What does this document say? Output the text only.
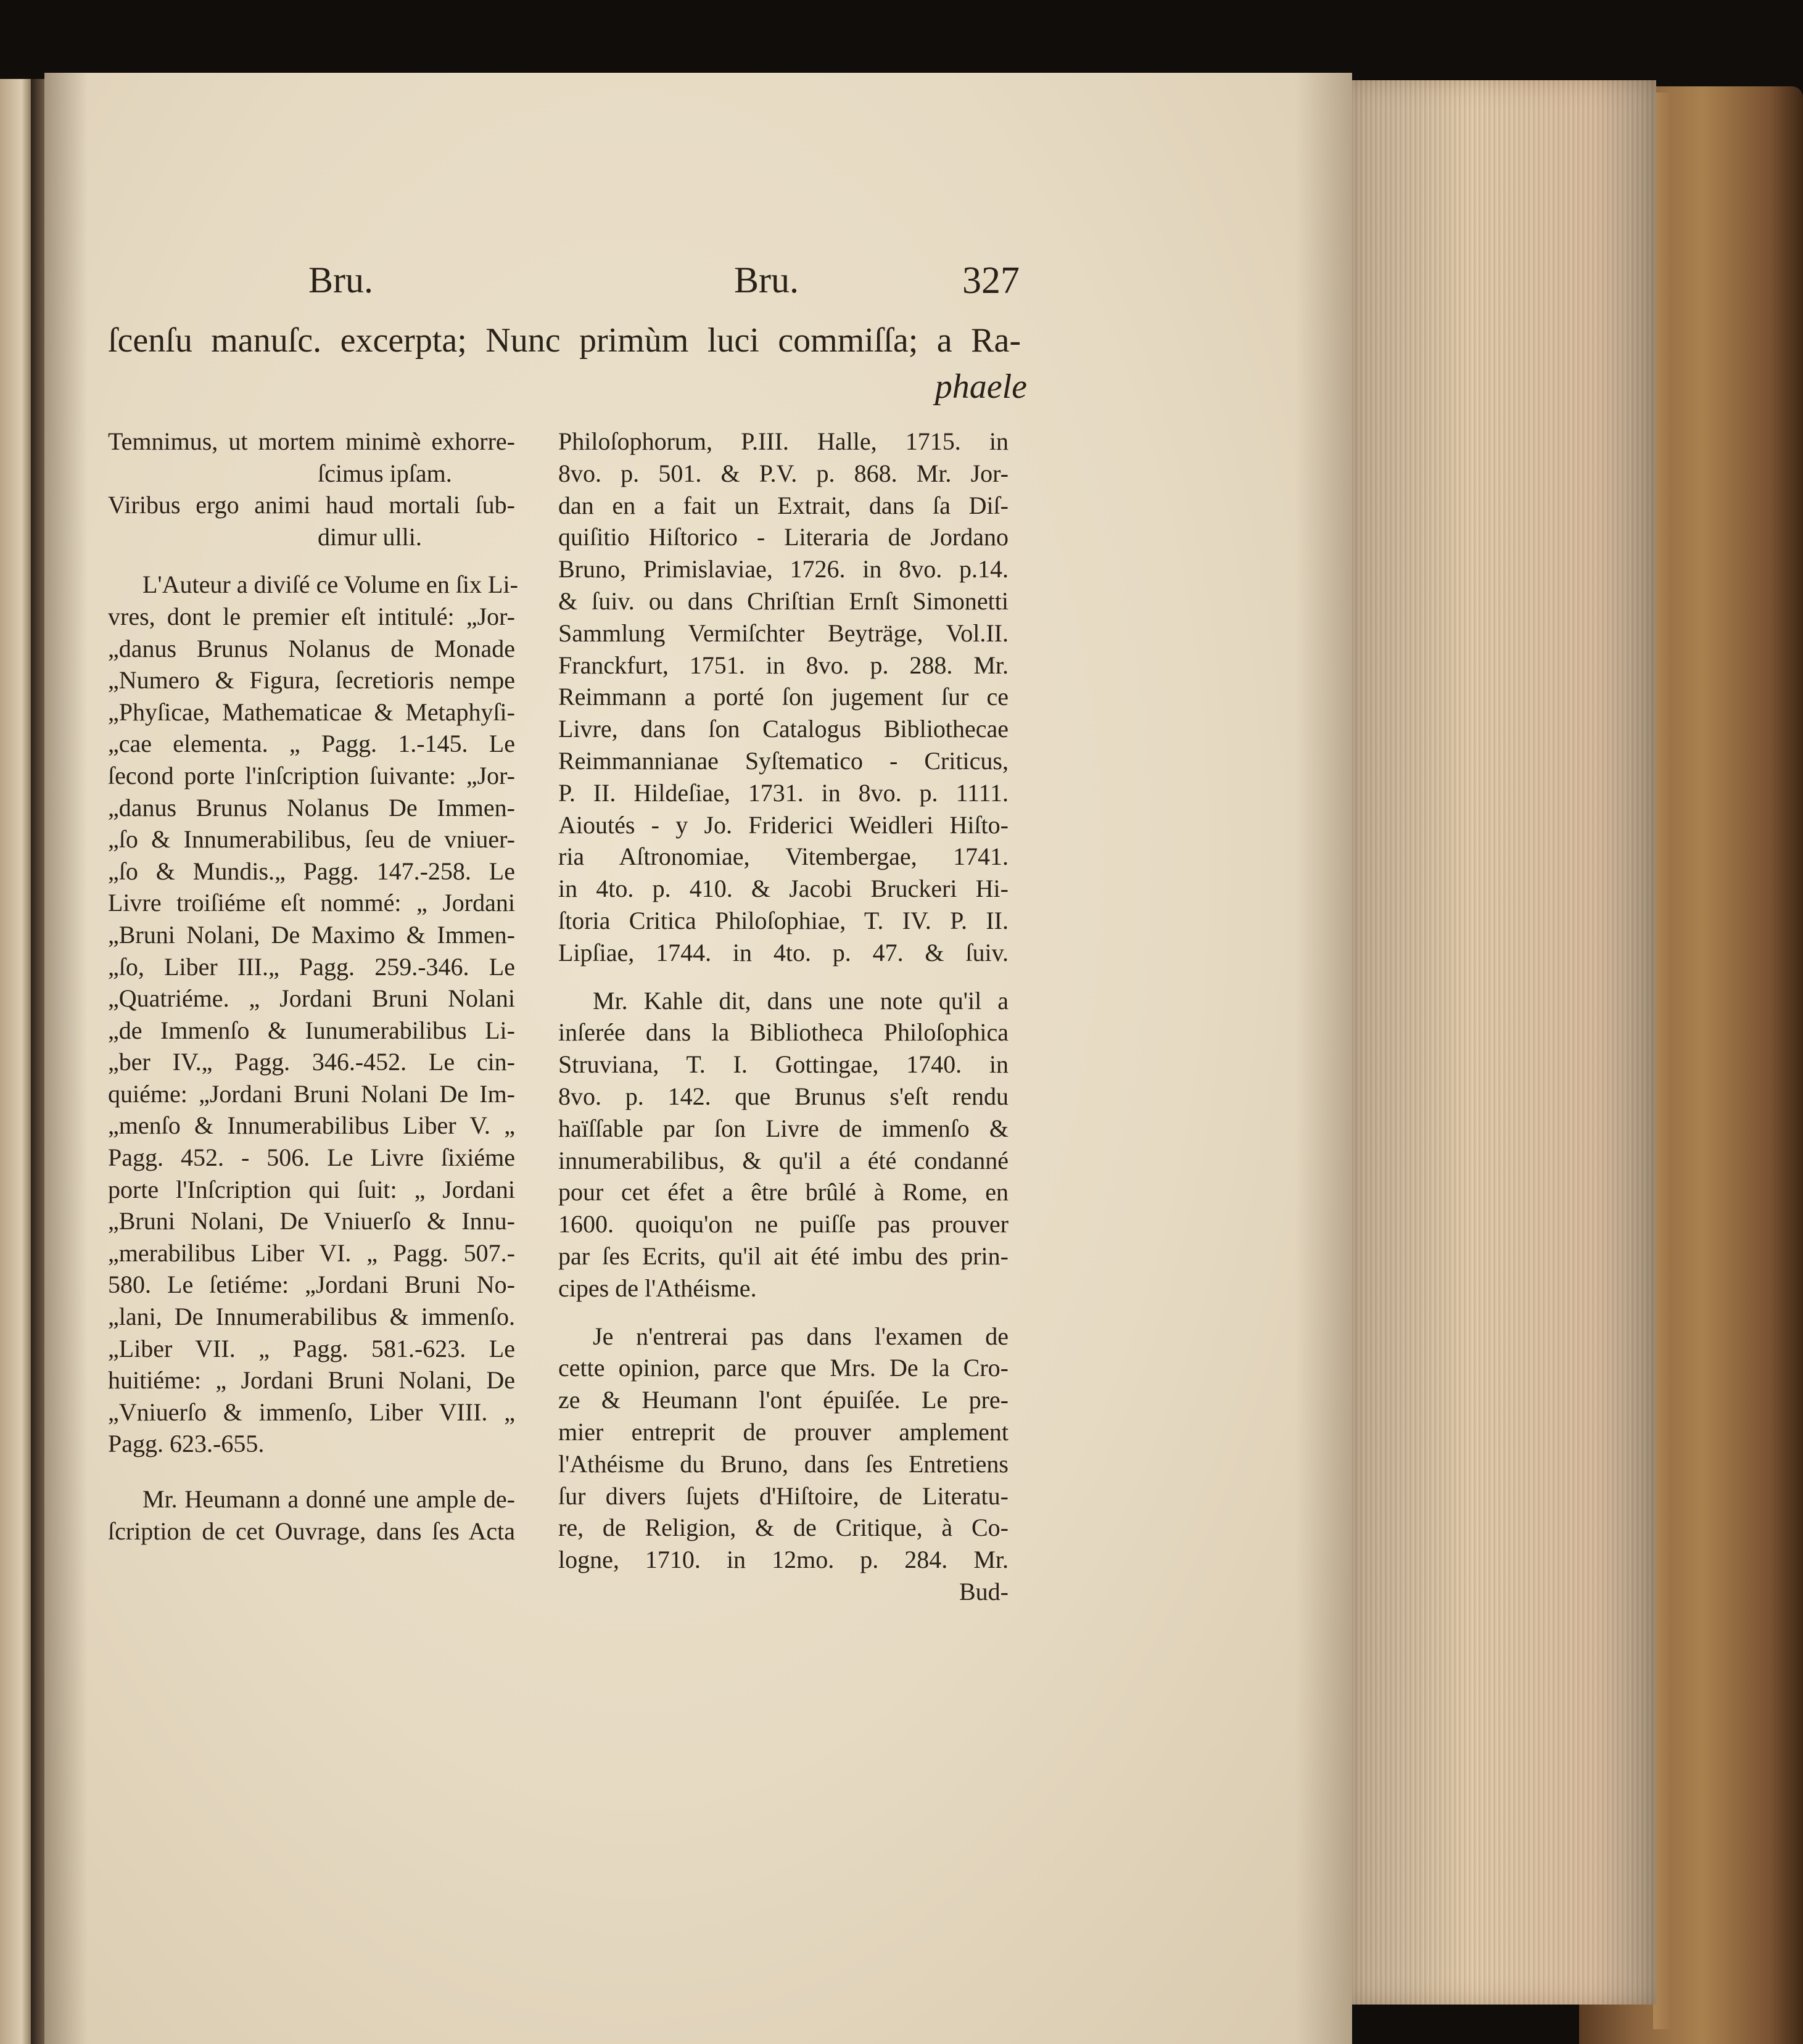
Bru.	Bru.	327
ſcenſu manuſc. excerpta; Nunc primùm luci commiſſa; a Ra-
phaele
Temnimus, ut mortem minimè exhorre-
ſcimus ipſam.
Viribus ergo animi haud mortali ſub-
dimur ulli.
L'Auteur a diviſé ce Volume en ſix Li-
vres, dont le premier eſt intitulé: „Jor-
„danus Brunus Nolanus de Monade
„Numero & Figura, ſecretioris nempe
„Phyſicae, Mathematicae & Metaphyſi-
„cae elementa. „ Pagg. 1.-145. Le
ſecond porte l'inſcription ſuivante: „Jor-
„danus Brunus Nolanus De Immen-
„ſo & Innumerabilibus, ſeu de vniuer-
„ſo & Mundis.„ Pagg. 147.-258. Le
Livre troiſiéme eſt nommé: „ Jordani
„Bruni Nolani, De Maximo & Immen-
„ſo, Liber III.„ Pagg. 259.-346. Le
„Quatriéme. „ Jordani Bruni Nolani
„de Immenſo & Iunumerabilibus Li-
„ber IV.„ Pagg. 346.-452. Le cin-
quiéme: „Jordani Bruni Nolani De Im-
„menſo & Innumerabilibus Liber V. „
Pagg. 452. - 506. Le Livre ſixiéme
porte l'Inſcription qui ſuit: „ Jordani
„Bruni Nolani, De Vniuerſo & Innu-
„merabilibus Liber VI. „ Pagg. 507.-
580. Le ſetiéme: „Jordani Bruni No-
„lani, De Innumerabilibus & immenſo.
„Liber VII. „ Pagg. 581.-623. Le
huitiéme: „ Jordani Bruni Nolani, De
„Vniuerſo & immenſo, Liber VIII. „
Pagg. 623.-655.
Mr. Heumann a donné une ample de-
ſcription de cet Ouvrage, dans ſes Acta
Philoſophorum, P.III. Halle, 1715. in
8vo. p. 501. & P.V. p. 868. Mr. Jor-
dan en a fait un Extrait, dans ſa Diſ-
quiſitio Hiſtorico - Literaria de Jordano
Bruno, Primislaviae, 1726. in 8vo. p.14.
& ſuiv. ou dans Chriſtian Ernſt Simonetti
Sammlung Vermiſchter Beyträge, Vol.II.
Franckfurt, 1751. in 8vo. p. 288. Mr.
Reimmann a porté ſon jugement ſur ce
Livre, dans ſon Catalogus Bibliothecae
Reimmannianae Syſtematico - Criticus,
P. II. Hildeſiae, 1731. in 8vo. p. 1111.
Aioutés - y Jo. Friderici Weidleri Hiſto-
ria Aſtronomiae, Vitembergae, 1741.
in 4to. p. 410. & Jacobi Bruckeri Hi-
ſtoria Critica Philoſophiae, T. IV. P. II.
Lipſiae, 1744. in 4to. p. 47. & ſuiv.
Mr. Kahle dit, dans une note qu'il a
inſerée dans la Bibliotheca Philoſophica
Struviana, T. I. Gottingae, 1740. in
8vo. p. 142. que Brunus s'eſt rendu
haïſſable par ſon Livre de immenſo &
innumerabilibus, & qu'il a été condanné
pour cet éfet a être brûlé à Rome, en
1600. quoiqu'on ne puiſſe pas prouver
par ſes Ecrits, qu'il ait été imbu des prin-
cipes de l'Athéisme.
Je n'entrerai pas dans l'examen de
cette opinion, parce que Mrs. De la Cro-
ze & Heumann l'ont épuiſée. Le pre-
mier entreprit de prouver amplement
l'Athéisme du Bruno, dans ſes Entretiens
ſur divers ſujets d'Hiſtoire, de Literatu-
re, de Religion, & de Critique, à Co-
logne, 1710. in 12mo. p. 284. Mr.
Bud-
